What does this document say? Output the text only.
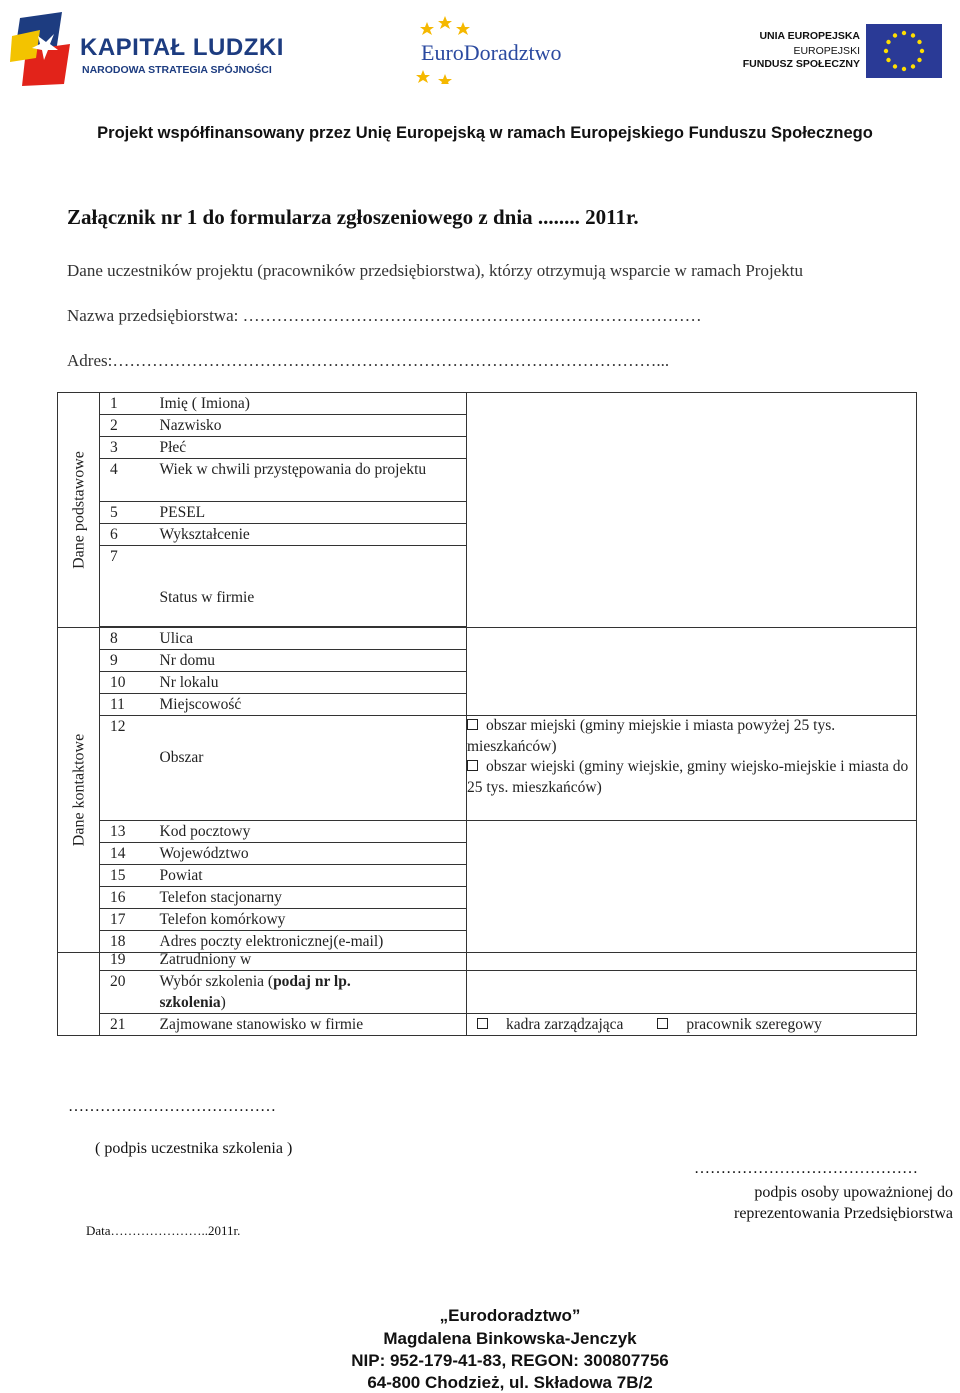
KAPITAŁ LUDZKI
NARODOWA STRATEGIA SPÓJNOŚCI
EuroDoradztwo
UNIA EUROPEJSKA
EUROPEJSKI
FUNDUSZ SPOŁECZNY
Projekt współfinansowany przez Unię Europejską w ramach Europejskiego Funduszu Społecznego
Załącznik nr 1 do formularza zgłoszeniowego z dnia ........ 2011r.
Dane uczestników projektu (pracowników przedsiębiorstwa), którzy otrzymują wsparcie w ramach Projektu
Nazwa przedsiębiorstwa: ………………………………………………………………………
Adres:……………………………………………………………………………………...
Dane podstawowe	1	Imię ( Imiona)	
	2	Nazwisko	
	3	Płeć	
	4	Wiek w chwili przystępowania do projektu	
	5	PESEL	
	6	Wykształcenie	
	7	Status w firmie	

Dane kontaktowe	8	Ulica	
	9	Nr domu	
	10	Nr lokalu	
	11	Miejscowość	
	12	Obszar	obszar miejski (gminy miejskie i miasta powyżej 25 tys. mieszkańców)
obszar wiejski (gminy wiejskie, gminy wiejsko-miejskie i miasta do 25 tys. mieszkańców)

	13	Kod pocztowy	
	14	Województwo	
	15	Powiat	
	16	Telefon stacjonarny	
	17	Telefon komórkowy	
	18	Adres poczty elektronicznej(e-mail)	
	19	Zatrudniony w	
	20	Wybór szkolenia (podaj nr lp.
szkolenia)	
	21	Zajmowane stanowisko w firmie	kadra zarządzająca pracownik szeregowy
…………………………………
( podpis uczestnika szkolenia )
……………………………………
podpis osoby upoważnionej do reprezentowania Przedsiębiorstwa
Data…………………..2011r.
„Eurodoradztwo”
Magdalena Binkowska-Jenczyk
NIP: 952-179-41-83, REGON: 300807756
64-800 Chodzież, ul. Składowa 7B/2
